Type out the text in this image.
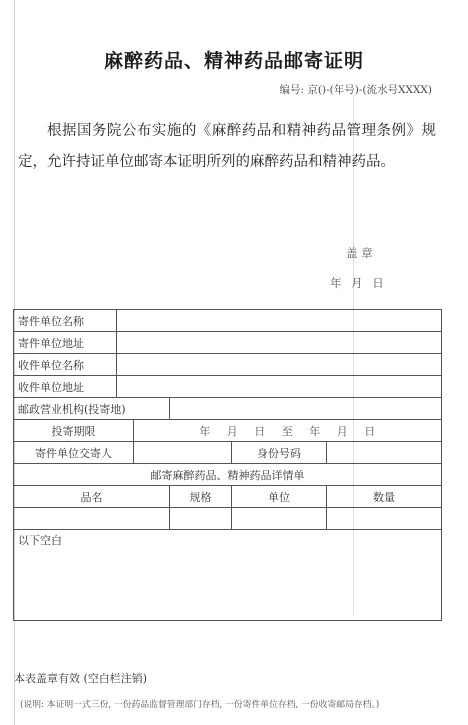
麻醉药品、精神药品邮寄证明
编号: 京()-(年号)-(流水号XXXX)
根据国务院公布实施的《麻醉药品和精神药品管理条例》规定，允许持证单位邮寄本证明所列的麻醉药品和精神药品。
盖 章
年 月 日
寄件单位名称					
寄件单位地址					
收件单位名称					
收件单位地址					
邮政营业机构(投寄地)					
投寄期限		年 月 日 至 年 月 日			
寄件单位交寄人				身份号码	
邮寄麻醉药品、精神药品详情单					
品名			规格	单位	数量

以下空白					
本表盖章有效 (空白栏注销)
(说明: 本证明一式三份, 一份药品监督管理部门存档, 一份寄件单位存档, 一份收寄邮局存档。)
